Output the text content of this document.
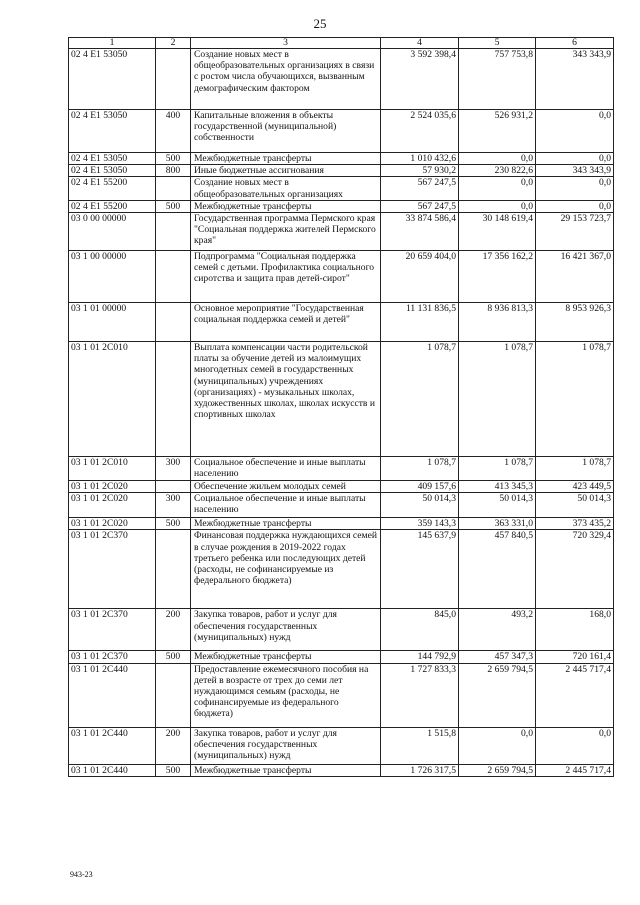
25
1	2	3	4	5	6
02 4 E1 53050		Создание новых мест в общеобразовательных организациях в связи с ростом числа обучающихся, вызванным демографическим фактором	3 592 398,4	757 753,8	343 343,9
02 4 E1 53050	400	Капитальные вложения в объекты государственной (муниципальной) собственности	2 524 035,6	526 931,2	0,0
02 4 E1 53050	500	Межбюджетные трансферты	1 010 432,6	0,0	0,0
02 4 E1 53050	800	Иные бюджетные ассигнования	57 930,2	230 822,6	343 343,9
02 4 E1 55200		Создание новых мест в общеобразовательных организациях	567 247,5	0,0	0,0
02 4 E1 55200	500	Межбюджетные трансферты	567 247,5	0,0	0,0
03 0 00 00000		Государственная программа Пермского края "Социальная поддержка жителей Пермского края"	33 874 586,4	30 148 619,4	29 153 723,7
03 1 00 00000		Подпрограмма "Социальная поддержка семей с детьми. Профилактика социального сиротства и защита прав детей-сирот"	20 659 404,0	17 356 162,2	16 421 367,0
03 1 01 00000		Основное мероприятие "Государственная социальная поддержка семей и детей"	11 131 836,5	8 936 813,3	8 953 926,3
03 1 01 2C010		Выплата компенсации части родительской платы за обучение детей из малоимущих многодетных семей в государственных (муниципальных) учреждениях (организациях) - музыкальных школах, художественных школах, школах искусств и спортивных школах	1 078,7	1 078,7	1 078,7
03 1 01 2C010	300	Социальное обеспечение и иные выплаты населению	1 078,7	1 078,7	1 078,7
03 1 01 2C020		Обеспечение жильем молодых семей	409 157,6	413 345,3	423 449,5
03 1 01 2C020	300	Социальное обеспечение и иные выплаты населению	50 014,3	50 014,3	50 014,3
03 1 01 2C020	500	Межбюджетные трансферты	359 143,3	363 331,0	373 435,2
03 1 01 2C370		Финансовая поддержка нуждающихся семей в случае рождения в 2019-2022 годах третьего ребенка или последующих детей (расходы, не софинансируемые из федерального бюджета)	145 637,9	457 840,5	720 329,4
03 1 01 2C370	200	Закупка товаров, работ и услуг для обеспечения государственных (муниципальных) нужд	845,0	493,2	168,0
03 1 01 2C370	500	Межбюджетные трансферты	144 792,9	457 347,3	720 161,4
03 1 01 2C440		Предоставление ежемесячного пособия на детей в возрасте от трех до семи лет нуждающимся семьям (расходы, не софинансируемые из федерального бюджета)	1 727 833,3	2 659 794,5	2 445 717,4
03 1 01 2C440	200	Закупка товаров, работ и услуг для обеспечения государственных (муниципальных) нужд	1 515,8	0,0	0,0
03 1 01 2C440	500	Межбюджетные трансферты	1 726 317,5	2 659 794,5	2 445 717,4
943-23
